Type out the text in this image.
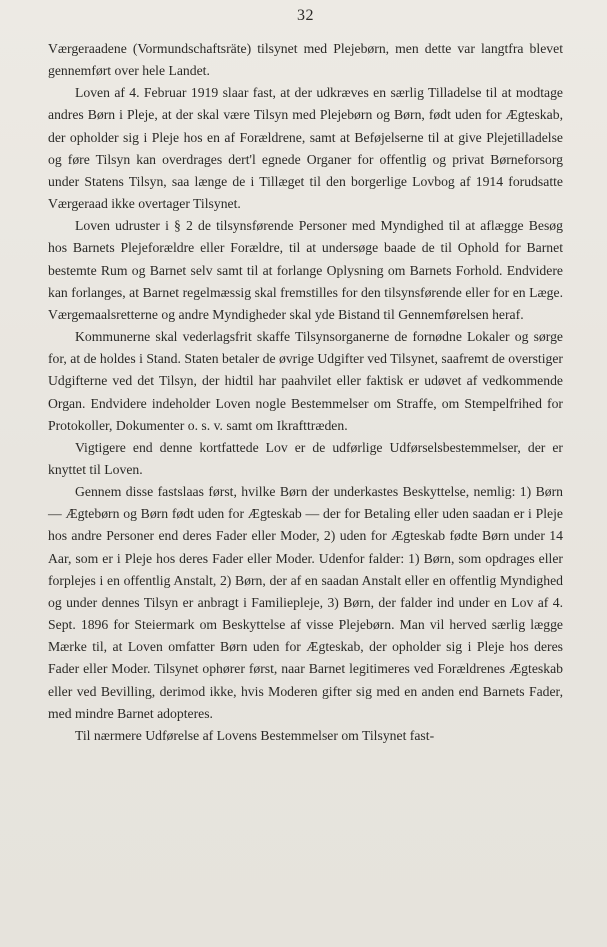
32

Værgeraadene (Vormundschaftsräte) tilsynet med Plejebørn, men dette var langtfra blevet gennemført over hele Landet.

Loven af 4. Februar 1919 slaar fast, at der udkræves en særlig Tilladelse til at modtage andres Børn i Pleje, at der skal være Tilsyn med Plejebørn og Børn, født uden for Ægteskab, der opholder sig i Pleje hos en af Forældrene, samt at Beføjelserne til at give Plejetilladelse og føre Tilsyn kan overdrages dert'l egnede Organer for offentlig og privat Børneforsorg under Statens Tilsyn, saa længe de i Tillæget til den borgerlige Lovbog af 1914 forudsatte Værgeraad ikke overtager Tilsynet.

Loven udruster i § 2 de tilsynsførende Personer med Myndighed til at aflægge Besøg hos Barnets Plejeforældre eller Forældre, til at undersøge baade de til Ophold for Barnet bestemte Rum og Barnet selv samt til at forlange Oplysning om Barnets Forhold. Endvidere kan forlanges, at Barnet regelmæssig skal fremstilles for den tilsynsførende eller for en Læge. Værgemaalsretterne og andre Myndigheder skal yde Bistand til Gennemførelsen heraf.

Kommunerne skal vederlagsfrit skaffe Tilsynsorganerne de fornødne Lokaler og sørge for, at de holdes i Stand. Staten betaler de øvrige Udgifter ved Tilsynet, saafremt de overstiger Udgifterne ved det Tilsyn, der hidtil har paahvilet eller faktisk er udøvet af vedkommende Organ. Endvidere indeholder Loven nogle Bestemmelser om Straffe, om Stempelfrihed for Protokoller, Dokumenter o. s. v. samt om Ikrafttræden.

Vigtigere end denne kortfattede Lov er de udførlige Udførselsbestemmelser, der er knyttet til Loven.

Gennem disse fastslaas først, hvilke Børn der underkastes Beskyttelse, nemlig: 1) Børn — Ægtebørn og Børn født uden for Ægteskab — der for Betaling eller uden saadan er i Pleje hos andre Personer end deres Fader eller Moder, 2) uden for Ægteskab fødte Børn under 14 Aar, som er i Pleje hos deres Fader eller Moder. Udenfor falder: 1) Børn, som opdrages eller forplejes i en offentlig Anstalt, 2) Børn, der af en saadan Anstalt eller en offentlig Myndighed og under dennes Tilsyn er anbragt i Familiepleje, 3) Børn, der falder ind under en Lov af 4. Sept. 1896 for Steiermark om Beskyttelse af visse Plejebørn. Man vil herved særlig lægge Mærke til, at Loven omfatter Børn uden for Ægteskab, der opholder sig i Pleje hos deres Fader eller Moder. Tilsynet ophører først, naar Barnet legitimeres ved Forældrenes Ægteskab eller ved Bevilling, derimod ikke, hvis Moderen gifter sig med en anden end Barnets Fader, med mindre Barnet adopteres.

Til nærmere Udførelse af Lovens Bestemmelser om Tilsynet fast-
